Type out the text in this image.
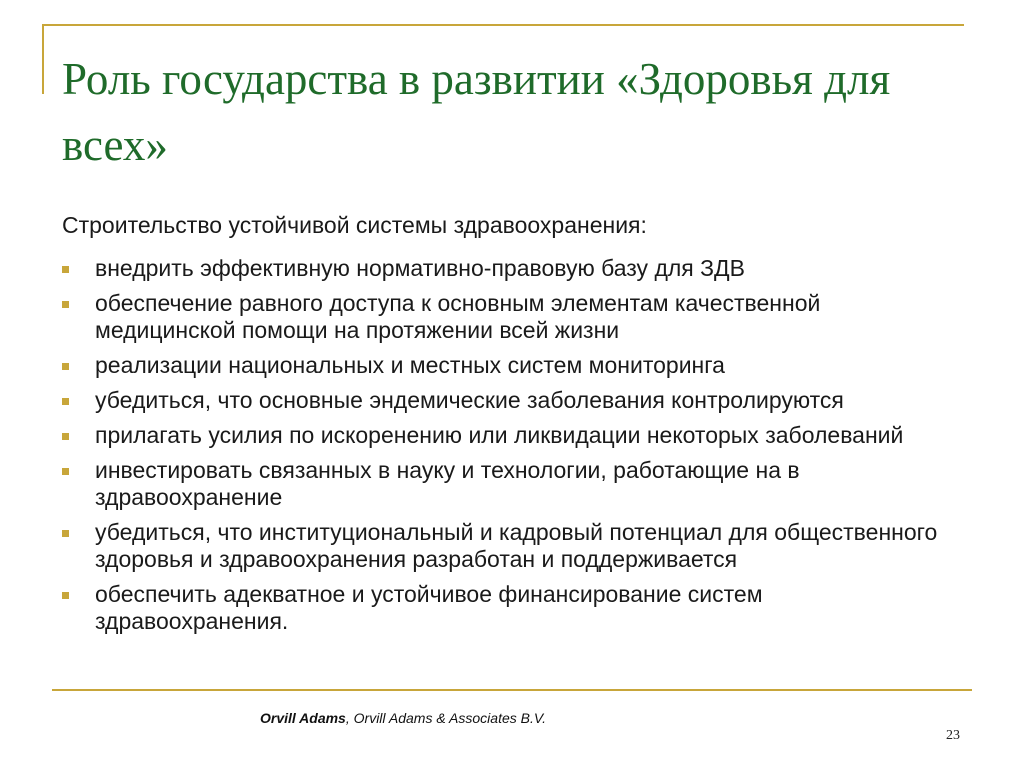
Роль государства в развитии «Здоровья для всех»
Строительство устойчивой системы здравоохранения:
внедрить эффективную нормативно-правовую базу для ЗДВ
обеспечение равного доступа к основным элементам качественной медицинской помощи на протяжении всей жизни
реализации национальных и местных систем мониторинга
убедиться, что основные эндемические заболевания контролируются
прилагать усилия по искоренению или ликвидации некоторых заболеваний
инвестировать связанных в науку и технологии, работающие на в здравоохранение
убедиться, что институциональный и кадровый потенциал для общественного здоровья и здравоохранения разработан и поддерживается
обеспечить адекватное и устойчивое финансирование систем здравоохранения.
Orvill Adams, Orvill Adams & Associates B.V.
23
